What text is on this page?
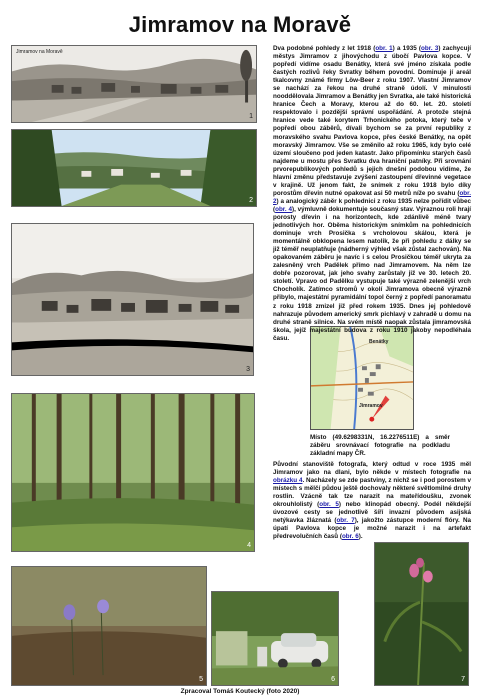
Jimramov na Moravě
Jimramov na Moravě
1
2
3
4
5	6	7
Benátky
Jimramov

Dva podobné pohledy z let 1918 (obr. 1) a 1935 (obr. 3) zachycují městys Jimramov z jihovýchodu z úbočí Pavlova kopce. V popředí vidíme osadu Benátky, která své jméno získala podle častých rozlivů řeky Svratky během povodní. Dominuje jí areál tkalcovny známé firmy Löw-Beer z roku 1907. Vlastní Jimramov se nachází za řekou na druhé straně údolí. V minulosti nooddělovala Jimramov a Benátky jen Svratka, ale také historická hranice Čech a Moravy, kterou až do 60. let. 20. století respektovalo i pozdější správní uspořádání. A protože stejná hranice vede také korytem Trhonického potoka, který teče v popředí obou záběrů, dívali bychom se za první republiky z moravského svahu Pavlova kopce, přes české Benátky, na opět moravský Jimramov. Vše se změnilo až roku 1965, kdy bylo celé území sloučeno pod jeden katastr. Jako připomínku starých časů najdeme u mostu přes Svratku dva hraniční patníky. Při srovnání prvorepublikových pohledů s jejich dnešní podobou vidíme, že hlavní změnu představuje zvýšení zastoupení dřevinné vegetace v krajině. Už jenom fakt, že snímek z roku 1918 bylo díky porostům dřevin nutné opakovat asi 50 metrů níže po svahu (obr. 2) a analogický záběr k pohlednici z roku 1935 nelze pořídit vůbec (obr. 4), výmluvně dokumentuje současný stav. Výraznou roli hrají porosty dřevin i na horizontech, kde zdánlivě méně tvary jednotlivých hor. Oběma historickým snímkům na pohlednicích dominuje vrch Prosička s vrcholovou skálou, která je momentálně obklopena lesem natolik, že při pohledu z dálky se již téměř neuplatňuje (nádherný výhled však zůstal zachován). Na opakovaném záběru je navíc i s celou Prosičkou téměř ukryta za zalesněný vrch Padělek přímo nad Jimramovem. Na něm lze dobře pozorovat, jak jeho svahy zarůstaly již ve 30. letech 20. století. Vpravo od Padělku vystupuje také výrazně zelenější vrch Chocholík. Zatímco stromů v okolí Jimramova obecně výrazně přibylo, majestátní pyramidální topol černý z popředí panoramatu z roku 1918 zmizel již před rokem 1935. Dnes jej pohledově nahrazuje původem americký smrk pichlavý v zahradě u domu na druhé straně silnice. Na svém místě naopak zůstala jimramovská škola, jejíž majestátní budova z roku 1910 jakoby nepodléhala času.

Místo (49.6298331N, 16.2276511E) a směr záběru srovnávací fotografie na podkladu základní mapy ČR.

Původní stanoviště fotografa, který odtud v roce 1935 měl Jimramov jako na dlani, bylo někde v místech fotografie na obrázku 4. Nacházely se zde pastviny, z nichž se i pod porostem v místech s mělčí půdou ještě dochovaly některé světlomilné druhy rostlin. Vzácně tak tze narazit na mateřídoušku, zvonek okrouhlolistý (obr. 5) nebo klinopád obecný. Podél někdejší úvozové cesty se jednotlivě šíří invazní původem asijská netýkavka žláznatá (obr. 7), jakožto zástupce moderní flóry. Na úpatí Pavlova kopce je možné narazit i na artefakt předrevolučních časů (obr. 6).

Zpracoval Tomáš Koutecký (foto 2020)
